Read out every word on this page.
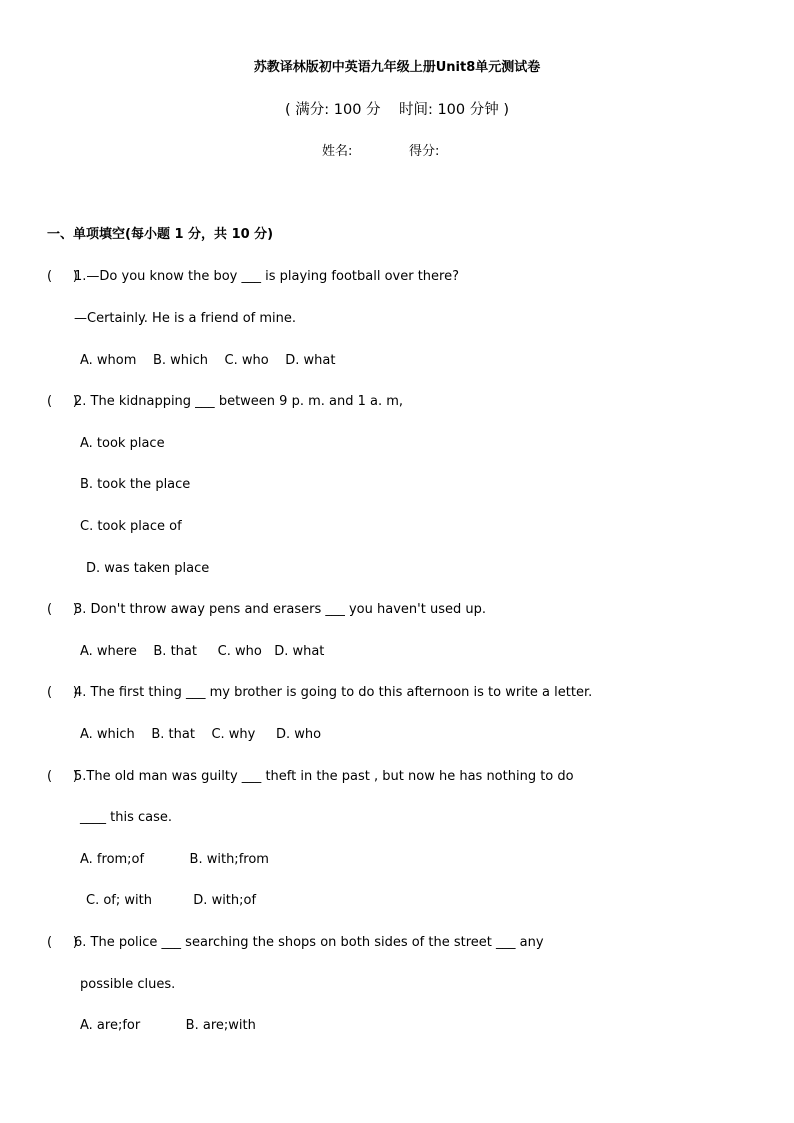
苏教译林版初中英语九年级上册Unit8单元测试卷
( 满分: 100 分    时间: 100 分钟 )
姓名:	得分:
一、单项填空(每小题 1 分，共 10 分)
(     )
1.—Do you know the boy ___ is playing football over there?
—Certainly. He is a friend of mine.
A. whom    B. which    C. who    D. what
(     )
2. The kidnapping ___ between 9 p. m. and 1 a. m,
A. took place
B. took the place
C. took place of
D. was taken place
(     )
3. Don't throw away pens and erasers ___ you haven't used up.
A. where    B. that     C. who   D. what
(     )
4. The first thing ___ my brother is going to do this afternoon is to write a letter.
A. which    B. that    C. why     D. who
(     )
5.The old man was guilty ___ theft in the past , but now he has nothing to do
____ this case.
A. from;of           B. with;from
C. of; with          D. with;of
(     )
6. The police ___ searching the shops on both sides of the street ___ any
possible clues.
A. are;for           B. are;with
